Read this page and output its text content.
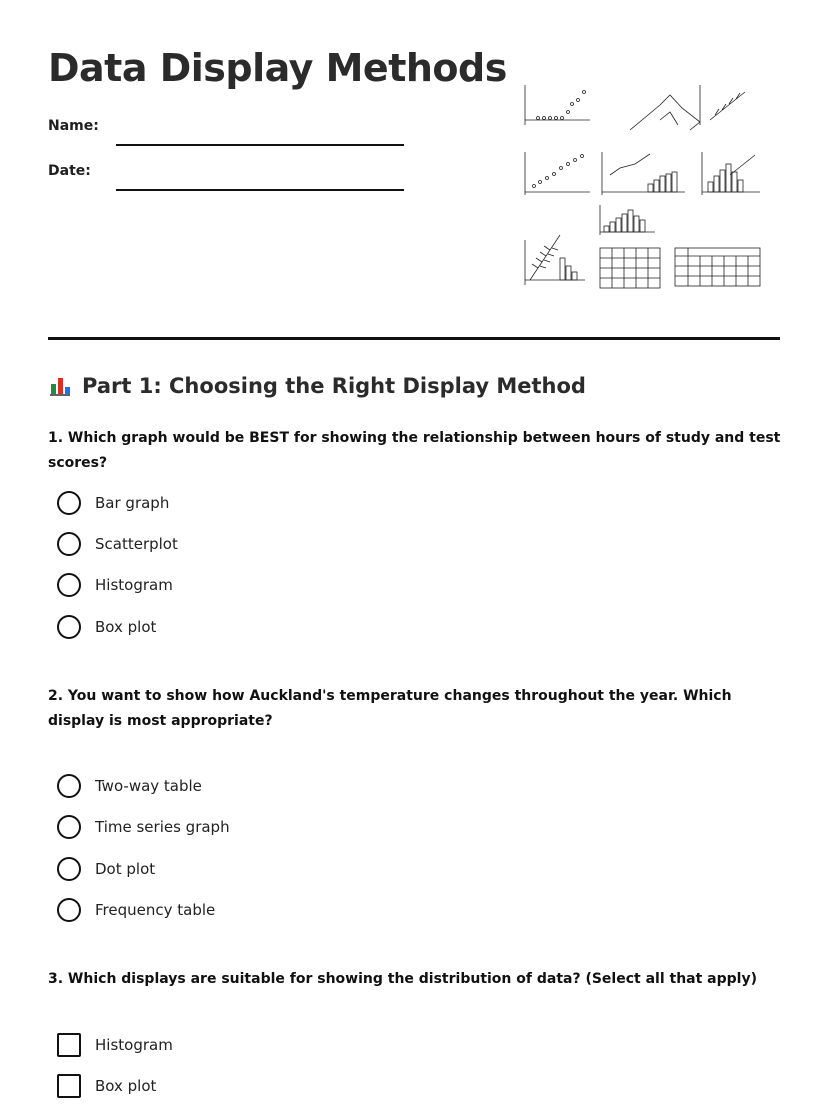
Data Display Methods
Name:
Date:
Part 1: Choosing the Right Display Method
1. Which graph would be BEST for showing the relationship between hours of study and test scores?
Bar graph
Scatterplot
Histogram
Box plot
2. You want to show how Auckland's temperature changes throughout the year. Which display is most appropriate?
Two-way table
Time series graph
Dot plot
Frequency table
3. Which displays are suitable for showing the distribution of data? (Select all that apply)
Histogram
Box plot
